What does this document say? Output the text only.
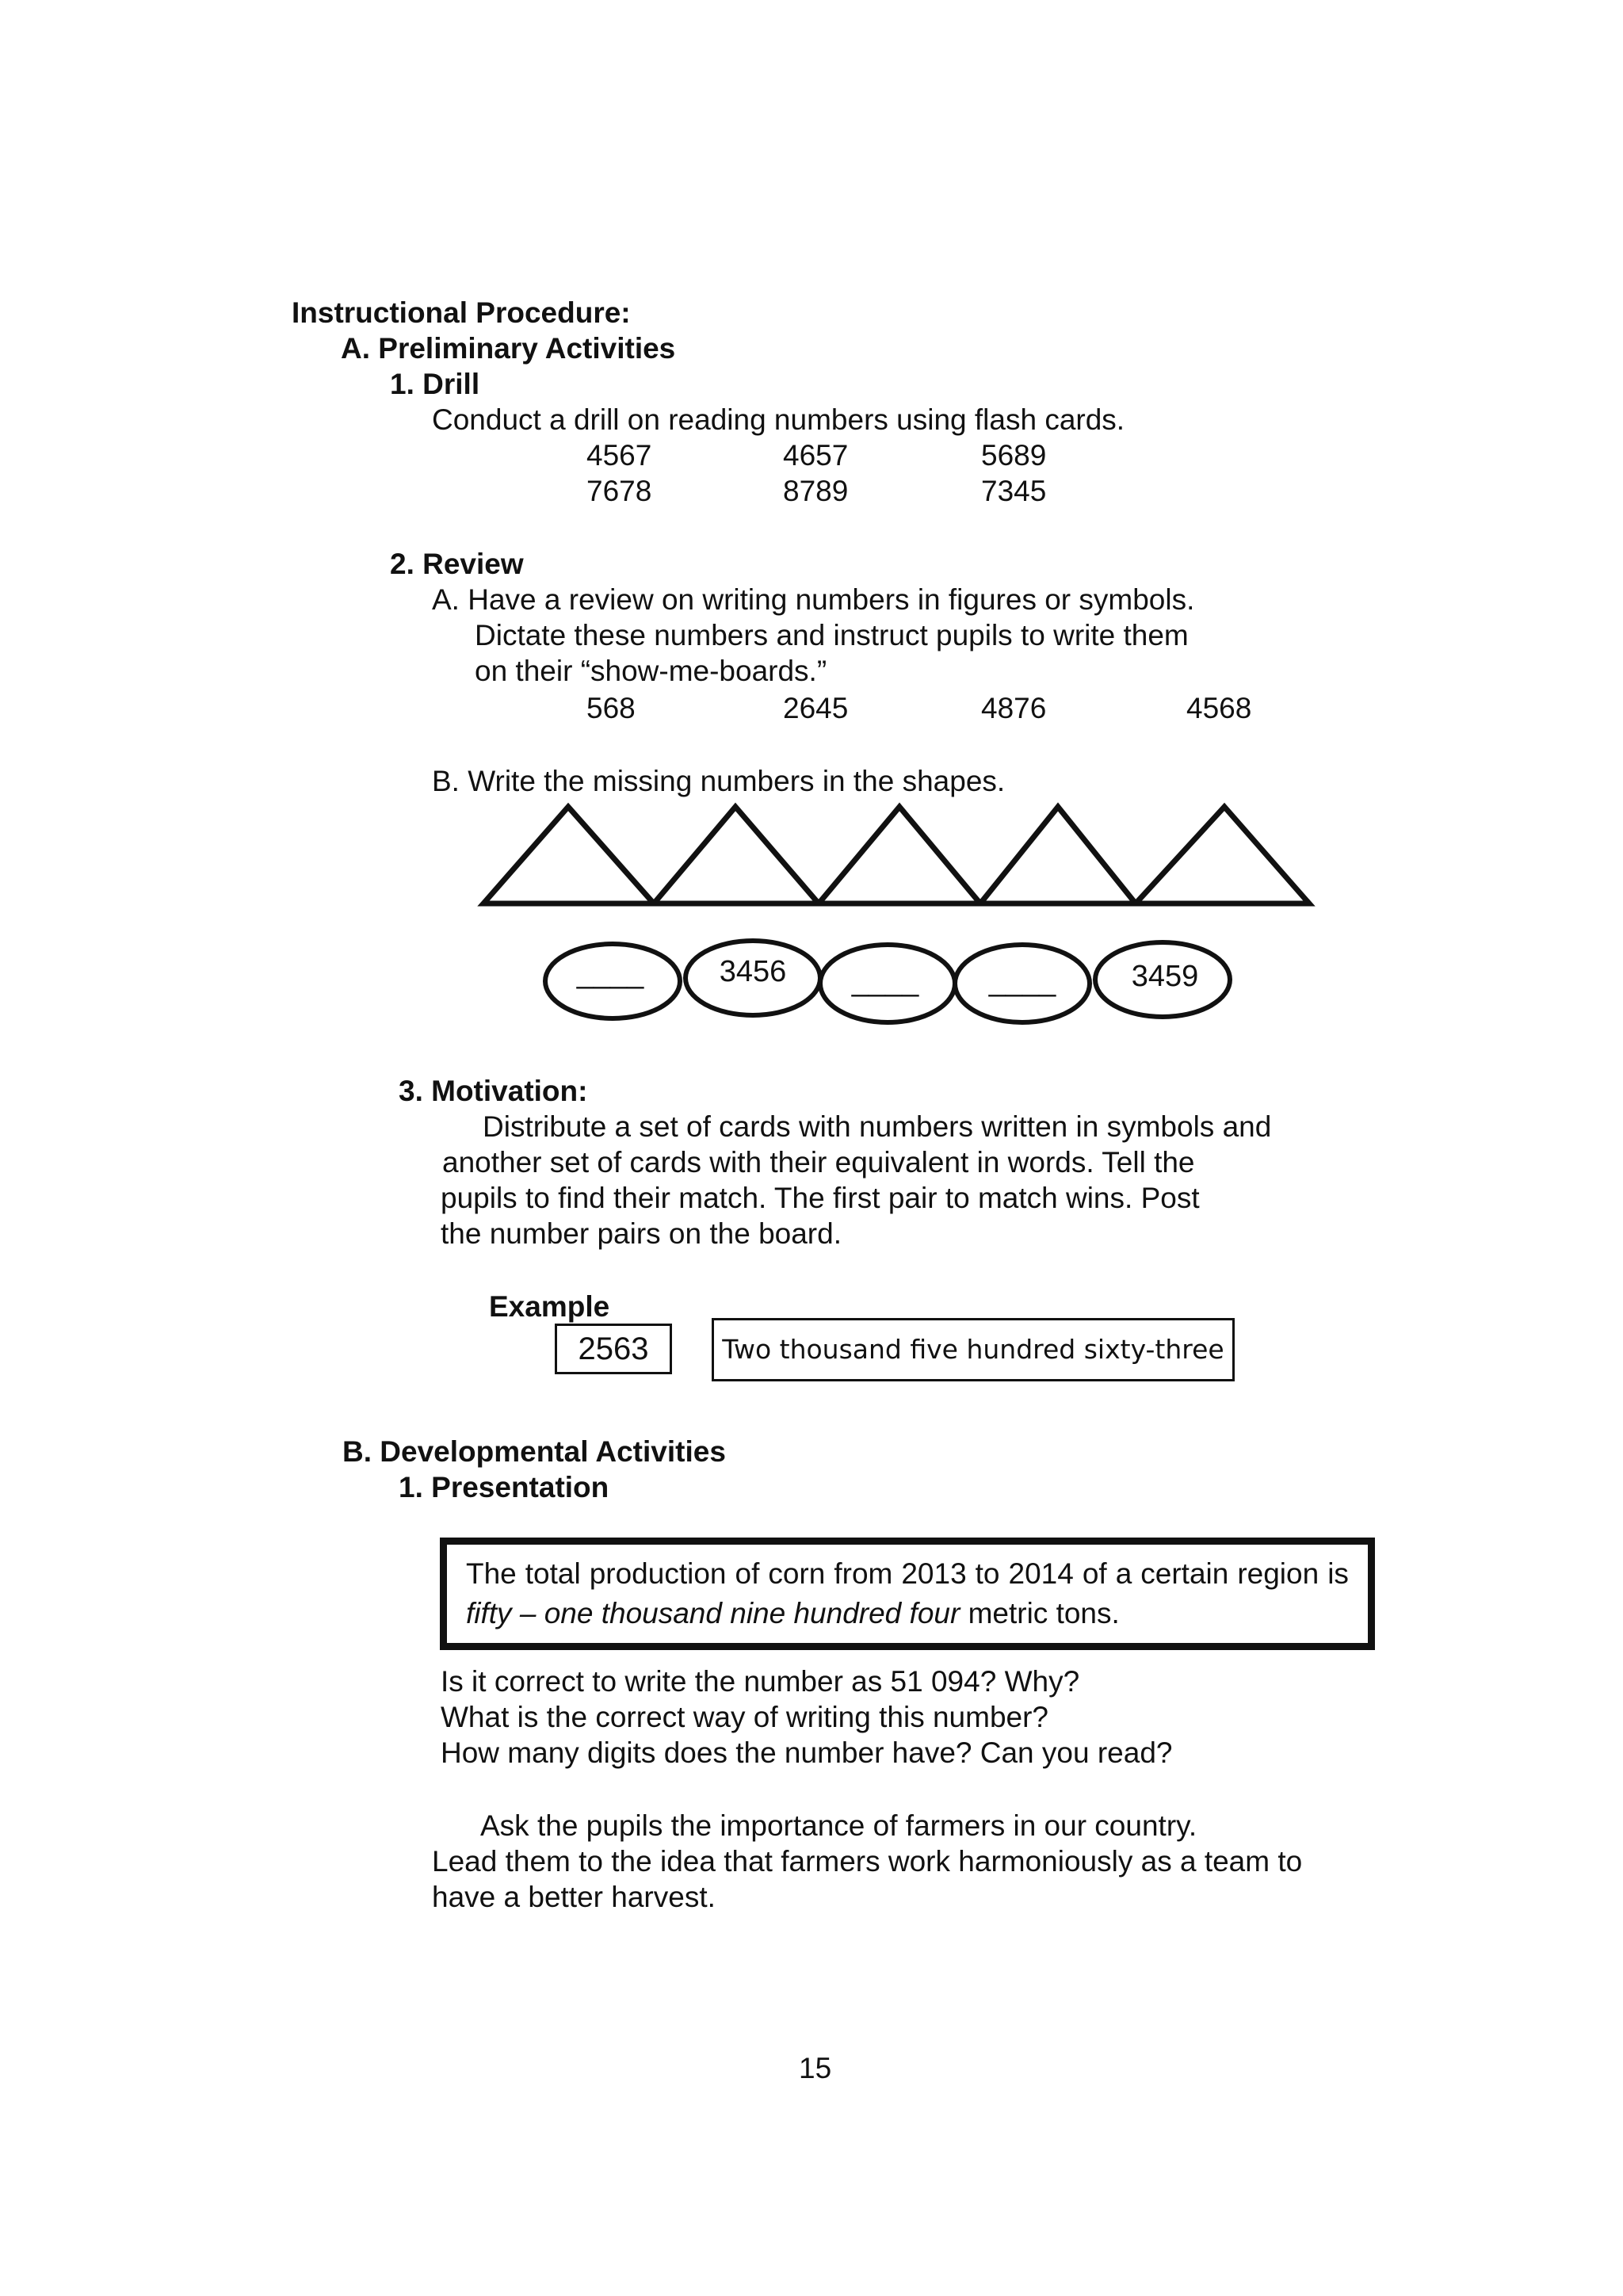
Instructional Procedure:

A. Preliminary Activities

1. Drill

Conduct a drill on reading numbers using flash cards.

4567	4657	5689

7678	8789	7345

2. Review

A. Have a review on writing numbers in figures or symbols.

Dictate these numbers and instruct pupils to write them

on their “show-me-boards.”

568	2645	4876	4568

B. Write the missing numbers in the shapes.

____	3456 ____ ____	3459

3. Motivation:

Distribute a set of cards with numbers written in symbols and

another set of cards with their equivalent in words. Tell the

pupils to find their match. The first pair to match wins. Post

the number pairs on the board.

Example

2563	Two thousand five hundred sixty-three

B. Developmental Activities

1. Presentation

The total production of corn from 2013 to 2014 of a certain region is

fifty – one thousand nine hundred four metric tons.

Is it correct to write the number as 51 094? Why?

What is the correct way of writing this number?

How many digits does the number have? Can you read?

Ask the pupils the importance of farmers in our country.

Lead them to the idea that farmers work harmoniously as a team to

have a better harvest.

15
